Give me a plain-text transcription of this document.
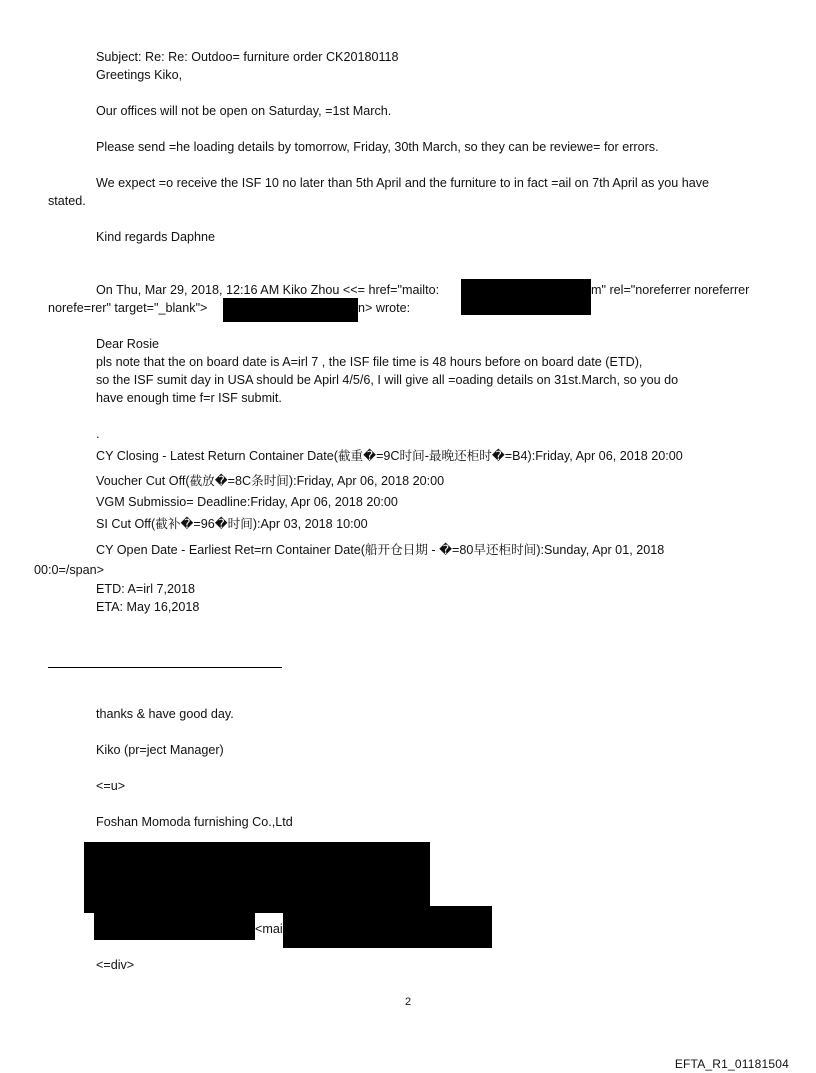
Subject: Re: Re: Outdoo= furniture order CK20180118
Greetings Kiko,
Our offices will not be open on Saturday, =1st March.
Please send =he loading details by tomorrow, Friday, 30th March, so they can be reviewe= for errors.
We expect =o receive the ISF 10 no later than 5th April and the furniture to in fact =ail on 7th April as you have
stated.
Kind regards Daphne
On Thu, Mar 29, 2018, 12:16 AM Kiko Zhou <<= href="mailto:	m" rel="noreferrer noreferrer
norefe=rer" target="_blank">	n> wrote:
Dear Rosie
pls note that the on board date is A=irl 7 , the ISF file time is 48 hours before on board date (ETD),
so the ISF sumit day in USA should be Apirl 4/5/6, I will give all =oading details on 31st.March, so you do
have enough time f=r ISF submit.
.
CY Closing - Latest Return Container Date(截重�=9C时间-最晚还柜时�=B4):Friday, Apr 06, 2018 20:00
Voucher Cut Off(截放�=8C条时间):Friday, Apr 06, 2018 20:00
VGM Submissio= Deadline:Friday, Apr 06, 2018 20:00
SI Cut Off(截补�=96�时间):Apr 03, 2018 10:00
CY Open Date - Earliest Ret=rn Container Date(船开仓日期 - �=80早还柜时间):Sunday, Apr 01, 2018
00:0=/span>
ETD: A=irl 7,2018
ETA: May 16,2018
thanks & have good day.
Kiko (pr=ject Manager)
<=u>
Foshan Momoda furnishing Co.,Ltd
<mai
<=div>
2
EFTA_R1_01181504
